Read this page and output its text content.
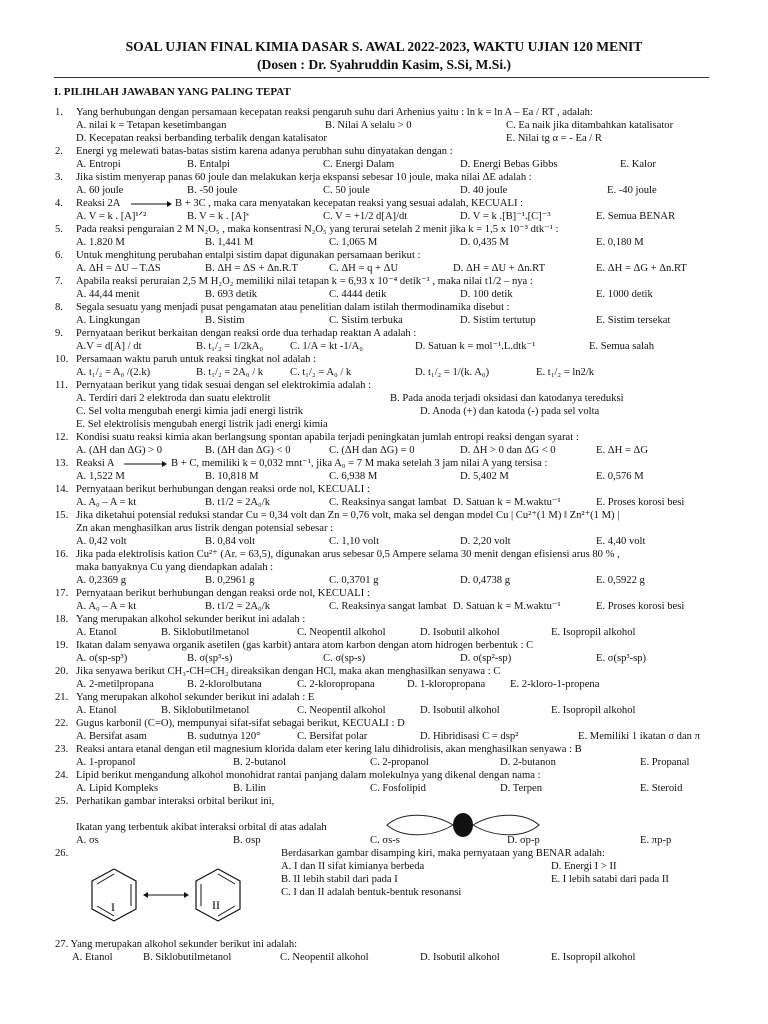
SOAL UJIAN FINAL KIMIA DASAR S. AWAL 2022-2023, WAKTU UJIAN 120 MENIT
(Dosen : Dr. Syahruddin Kasim, S.Si, M.Si.)
I. PILIHLAH JAWABAN YANG PALING TEPAT
1. Yang berhubungan dengan persamaan kecepatan reaksi pengaruh suhu dari Arhenius yaitu : ln k = ln A – Ea / RT , adalah:
A. nilai k = Tetapan kesetimbangan	B. Nilai A selalu > 0	C. Ea naik jika ditambahkan katalisator
D. Kecepatan reaksi berbanding terbalik dengan katalisator	E. Nilai tg α = - Ea / R
2. Energi yg melewati batas-batas sistim karena adanya perubhan suhu dinyatakan dengan :
A. Entropi	B. Entalpi	C. Energi Dalam	D. Energi Bebas Gibbs	E. Kalor
3. Jika sistim menyerap panas 60 joule dan melakukan kerja ekspansi sebesar 10 joule, maka nilai ΔE adalah :
A. 60 joule	B. -50 joule	C. 50 joule	D. 40 joule	E. -40 joule
4. Reaksi 2A	B + 3C , maka cara menyatakan kecepatan reaksi yang sesuai adalah, KECUALI :
A. V = k . [A]¹ᐟ²	B. V = k . [A]ˣ	C. V = +1/2 d[A]/dt	D. V = k .[B]⁻¹.[C]⁻³	E. Semua BENAR
5. Pada reaksi penguraian 2 M N₂O₅ , maka konsentrasi N₂O₅ yang terurai setelah 2 menit jika k = 1,5 x 10⁻³ dtk⁻¹ :
A. 1.820 M	B. 1,441 M	C. 1,065 M	D. 0,435 M	E. 0,180 M
6. Untuk menghitung perubahan entalpi sistim dapat digunakan persamaan berikut :
A. ΔH = ΔU – T.ΔS	B. ΔH = ΔS + Δn.R.T	C. ΔH = q + ΔU	D. ΔH = ΔU + Δn.RT	E. ΔH = ΔG + Δn.RT
7. Apabila reaksi peruraian 2,5 M H₂O₂ memiliki nilai tetapan k = 6,93 x 10⁻⁴ detik⁻¹ , maka nilai t1/2 – nya :
A. 44,44 menit	B. 693 detik	C. 4444 detik	D. 100 detik	E. 1000 detik
8. Segala sesuatu yang menjadi pusat pengamatan atau penelitian dalam istilah thermodinamika disebut :
A. Lingkungan	B. Sistim	C. Sistim terbuka	D. Sistim tertutup	E. Sistim tersekat
9. Pernyataan berikut berkaitan dengan reaksi orde dua terhadap reaktan A adalah :
A.V = d[A] / dt	B. t₁/₂ = 1/2kA₀	C. 1/A = kt -1/A₀	D. Satuan k = mol⁻¹.L.dtk⁻¹	E. Semua salah
10. Persamaan waktu paruh untuk reaksi tingkat nol adalah :
A. t₁/₂ = A₀ /(2.k)	B. t₁/₂ = 2A₀ / k	C. t₁/₂ = A₀ / k	D. t₁/₂ = 1/(k. A₀)	E. t₁/₂ = ln2/k
11. Pernyataan berikut yang tidak sesuai dengan sel elektrokimia adalah :
A. Terdiri dari 2 elektroda dan suatu elektrolit	B. Pada anoda terjadi oksidasi dan katodanya tereduksi
C. Sel volta mengubah energi kimia jadi energi listrik	D. Anoda (+) dan katoda (-) pada sel volta
E. Sel elektrolisis mengubah energi listrik jadi energi kimia
12. Kondisi suatu reaksi kimia akan berlangsung spontan apabila terjadi peningkatan jumlah entropi reaksi dengan syarat :
A. (ΔH dan ΔG) > 0	B. (ΔH dan ΔG) < 0	C. (ΔH dan ΔG) = 0	D. ΔH > 0 dan ΔG < 0	E. ΔH = ΔG
13. Reaksi A	B + C, memiliki k = 0,032 mnt⁻¹, jika A₀ = 7 M maka setelah 3 jam nilai A yang tersisa :
A. 1,522 M	B. 10,818 M	C. 6,938 M	D. 5,402 M	E. 0,576 M
14. Pernyataan berikut berhubungan dengan reaksi orde nol, KECUALI :
A. A₀ – A = kt	B. t1/2 = 2A₀/k	C. Reaksinya sangat lambat D. Satuan k = M.waktu⁻¹	E. Proses korosi besi
15. Jika diketahui potensial reduksi standar Cu = 0,34 volt dan Zn = 0,76 volt, maka sel dengan model Cu | Cu²⁺(1 M) ‖ Zn²⁺(1 M) |
Zn akan menghasilkan arus listrik dengan potensial sebesar :
A. 0,42 volt	B. 0,84 volt	C. 1,10 volt	D. 2,20 volt	E. 4,40 volt
16. Jika pada elektrolisis kation Cu²⁺ (Ar. = 63,5), digunakan arus sebesar 0,5 Ampere selama 30 menit dengan efisiensi arus 80 % ,
maka banyaknya Cu yang diendapkan adalah :
A. 0,2369 g	B. 0,2961 g	C. 0,3701 g	D. 0,4738 g	E. 0,5922 g
17. Pernyataan berikut berhubungan dengan reaksi orde nol, KECUALI :
A. A₀ – A = kt	B. t1/2 = 2A₀/k	C. Reaksinya sangat lambat D. Satuan k = M.waktu⁻¹	E. Proses korosi besi
18. Yang merupakan alkohol sekunder berikut ini adalah :
A. Etanol	B. Siklobutilmetanol	C. Neopentil alkohol	D. Isobutil alkohol	E. Isopropil alkohol
19. Ikatan dalam senyawa organik asetilen (gas karbit) antara atom karbon dengan atom hidrogen berbentuk : C
A. σ(sp-sp³)	B. σ(sp³-s)	C. σ(sp-s)	D. σ(sp²-sp)	E. σ(sp³-sp)
20. Jika senyawa berikut CH₃-CH=CH₂ direaksikan dengan HCl, maka akan menghasilkan senyawa : C
A. 2-metilpropana	B. 2-klorolbutana	C. 2-kloropropana	D. 1-kloropropana E. 2-kloro-1-propena
21. Yang merupakan alkohol sekunder berikut ini adalah : E
A. Etanol	B. Siklobutilmetanol	C. Neopentil alkohol	D. Isobutil alkohol	E. Isopropil alkohol
22. Gugus karbonil (C=O), mempunyai sifat-sifat sebagai berikut, KECUALI : D
A. Bersifat asam	B. sudutnya 120°	C. Bersifat polar	D. Hibridisasi C = dsp²	E. Memiliki 1 ikatan σ dan π
23. Reaksi antara etanal dengan etil magnesium klorida dalam eter kering lalu dihidrolisis, akan menghasilkan senyawa : B
A. 1-propanol	B. 2-butanol	C. 2-propanol	D. 2-butanon	E. Propanal
24. Lipid berikut mengandung alkohol monohidrat rantai panjang dalam molekulnya yang dikenal dengan nama :
A. Lipid Kompleks	B. Lilin	C. Fosfolipid	D. Terpen	E. Steroid
25. Perhatikan gambar interaksi orbital berikut ini,
Ikatan yang terbentuk akibat interaksi orbital di atas adalah
A. σs	B. σsp	C. σs-s	D. σp-p	E. πp-p
26.	Berdasarkan gambar disamping kiri, maka pernyataan yang BENAR adalah:
A. I dan II sifat kimianya berbeda	D. Energi I > II
B. II lebih stabil dari pada I	E. I lebih satabi dari pada II
C. I dan II adalah bentuk-bentuk resonansi
27. Yang merupakan alkohol sekunder berikut ini adalah:
A. Etanol	B. Siklobutilmetanol	C. Neopentil alkohol	D. Isobutil alkohol	E. Isopropil alkohol
I	II
